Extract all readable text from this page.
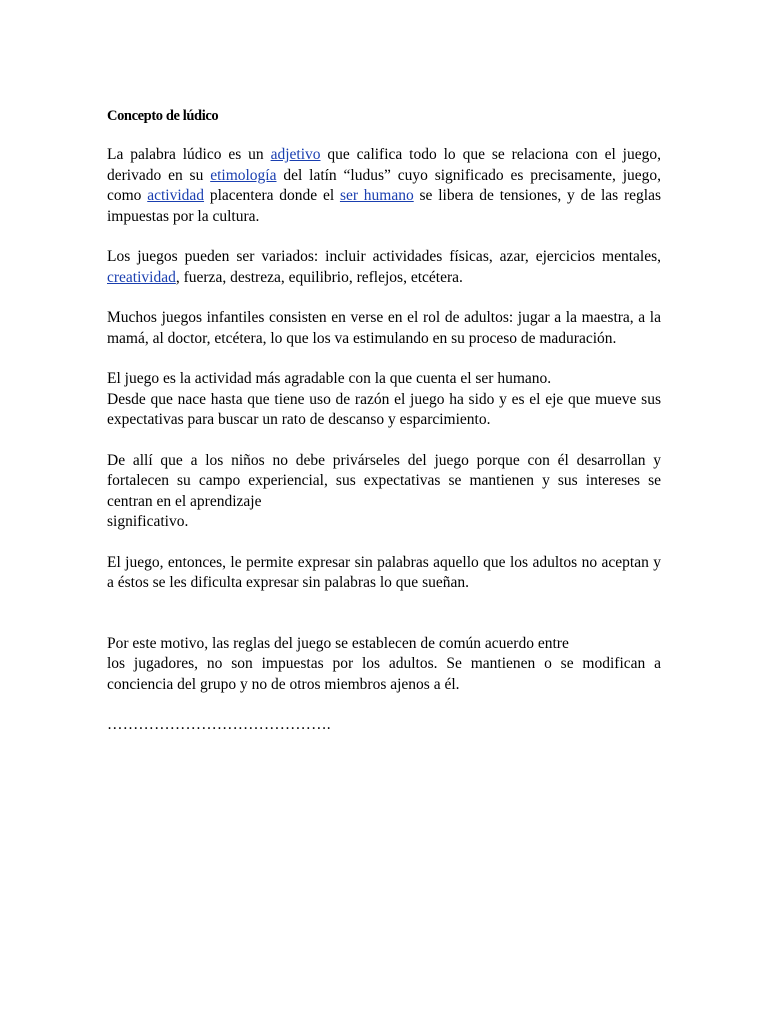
Concepto de lúdico

La palabra lúdico es un adjetivo que califica todo lo que se relaciona con el juego, derivado en su etimología del latín “ludus” cuyo significado es precisamente, juego, como actividad placentera donde el ser humano se libera de tensiones, y de las reglas impuestas por la cultura.

Los juegos pueden ser variados: incluir actividades físicas, azar, ejercicios mentales, creatividad, fuerza, destreza, equilibrio, reflejos, etcétera.

Muchos juegos infantiles consisten en verse en el rol de adultos: jugar a la maestra, a la mamá, al doctor, etcétera, lo que los va estimulando en su proceso de maduración.

El juego es la actividad más agradable con la que cuenta el ser humano.
Desde que nace hasta que tiene uso de razón el juego ha sido y es el eje que mueve sus expectativas para buscar un rato de descanso y esparcimiento.

De allí que a los niños no debe privárseles del juego porque con él desarrollan y fortalecen su campo experiencial, sus expectativas se mantienen y sus intereses se centran en el aprendizaje
significativo.

El juego, entonces, le permite expresar sin palabras aquello que los adultos no aceptan y a éstos se les dificulta expresar sin palabras lo que sueñan.

Por este motivo, las reglas del juego se establecen de común acuerdo entre
los jugadores, no son impuestas por los adultos. Se mantienen o se modifican a conciencia del grupo y no de otros miembros ajenos a él.

…………………………………….
